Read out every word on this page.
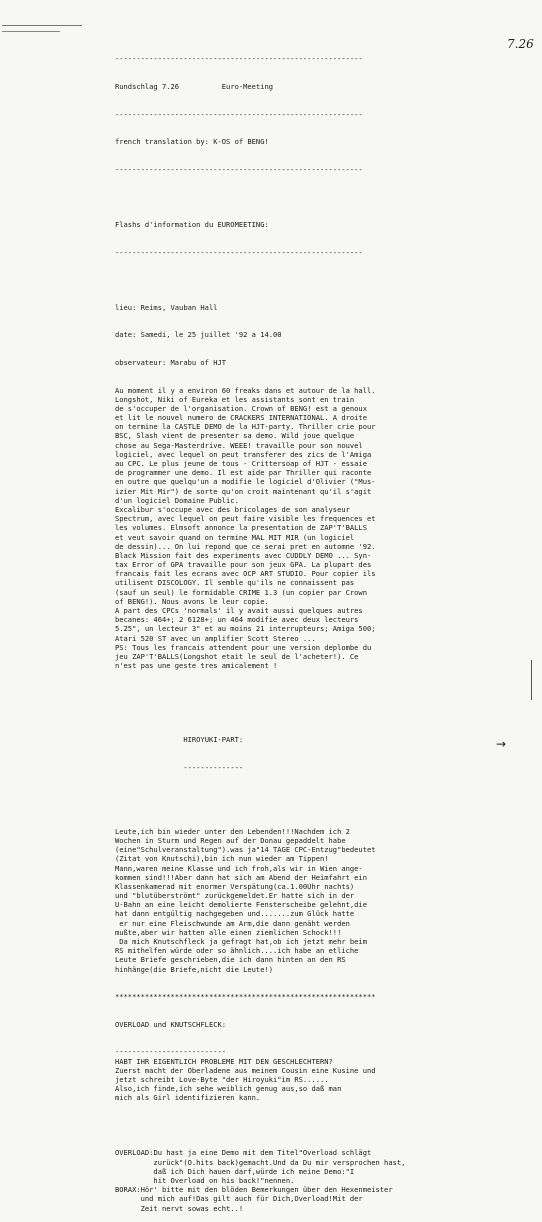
7.26

----------------------------------------------------------

Rundschlag 7.26	Euro-Meeting

----------------------------------------------------------

french translation by: K-OS of BENG!

----------------------------------------------------------

Flashs d'information du EUROMEETING:

----------------------------------------------------------

lieu: Reims, Vauban Hall

date: Samedi, le 25 juillet '92 a 14.00

observateur: Marabu of HJT

Au moment il y a environ 60 freaks dans et autour de la hall.
Longshot, Niki of Eureka et les assistants sont en train
de s'occuper de l'organisation. Crown of BENG! est a genoux
et lit le nouvel numero de CRACKERS INTERNATIONAL. A droite
on termine la CASTLE DEMO de la HJT-party. Thriller crie pour
BSC, Slash vient de presenter sa demo. Wild joue quelque
chose au Sega-Masterdrive. WEEE! travaille pour son nouvel
logiciel, avec lequel on peut transferer des zics de l'Amiga
au CPC. Le plus jeune de tous - Crittersoap of HJT - essaie
de programmer une demo. Il est aide par Thriller qui raconte
en outre que quelqu'un a modifie le logiciel d'Olivier ("Mus-
izier Mit Mir") de sorte qu'on croit maintenant qu'il s'agit
d'un logiciel Domaine Public.
Excalibur s'occupe avec des bricolages de son analyseur
Spectrum, avec lequel on peut faire visible les frequences et
les volumes. Elmsoft annonce la presentation de ZAP'T'BALLS
et veut savoir quand on termine MAL MIT MIR (un logiciel
de dessin)... On lui repond que ce serai pret en automne '92.
Black Mission fait des experiments avec CUDDLY DEMO ... Syn-
tax Error of GPA travaille pour son jeux GPA. La plupart des
francais fait les ecrans avec OCP ART STUDIO. Pour copier ils
utilisent DISCOLOGY. Il semble qu'ils ne connaissent pas
(sauf un seul) le formidable CRIME 1.3 (un copier par Crown
of BENG!). Nous avons le leur copie.
A part des CPCs 'normals' il y avait aussi quelques autres
becanes: 464+; 2 6128+; un 464 modifie avec deux lecteurs
5.25", un lecteur 3" et au moins 21 interrupteurs; Amiga 500;
Atari 520 ST avec un amplifier Scott Stereo ...
PS: Tous les francais attendent pour une version deplombe du
jeu ZAP'T'BALLS(Longshot etait le seul de l'acheter!). Ce
n'est pas une geste tres amicalement !

HIROYUKI-PART:

--------------

Leute,ich bin wieder unter den Lebenden!!!Nachdem ich 2
Wochen in Sturm und Regen auf der Donau gepaddelt habe
(eine"Schulveranstaltung").was ja"14 TAGE CPC-Entzug"bedeutet
(Zitat von Knutschi),bin ich nun wieder am Tippen!
Mann,waren meine Klasse und ich froh,als wir in Wien ange-
kommen sind!!!Aber dann hat sich am Abend der Heimfahrt ein
Klassenkamerad mit enormer Verspätung(ca.1.00Uhr nachts)
und "blutüberströmt" zurückgemeldet.Er hatte sich in der
U-Bahn an eine leicht demolierte Fensterscheibe gelehnt,die
hat dann entgültig nachgegeben und.......zum Glück hatte
er nur eine Fleischwunde am Arm,die dann genäht werden
mußte,aber wir hatten alle einen ziemlichen Schock!!!
Da mich Knutschfleck ja gefragt hat,ob ich jetzt mehr beim
RS mithelfen würde oder so ähnlich....ich habe an etliche
Leute Briefe geschrieben,die ich dann hinten an den RS
hinhänge(die Briefe,nicht die Leute!)

*************************************************************

OVERLOAD und KNUTSCHFLECK:

--------------------------
HABT IHR EIGENTLICH PROBLEME MIT DEN GESCHLECHTERN?
Zuerst macht der Oberladene aus meinem Cousin eine Kusine und
jetzt schreibt Love-Byte "der Hiroyuki"im RS......
Also,ich finde,ich sehe weiblich genug aus,so daß man
mich als Girl identifizieren kann.

OVERLOAD:Du hast ja eine Demo mit dem Titel"Overload schlägt
zurück"(O.hits back)gemacht.Und da Du mir versprochen hast,
daß ich Dich hauen darf,würde ich meine Demo:"I
hit Overload on his back!"nennen.
BORAX:Hör' bitte mit den blöden Bemerkungen über den Hexenmeister
und mich auf!Das gilt auch für Dich,Overload!Mit der
Zeit nervt sowas echt..!

→
